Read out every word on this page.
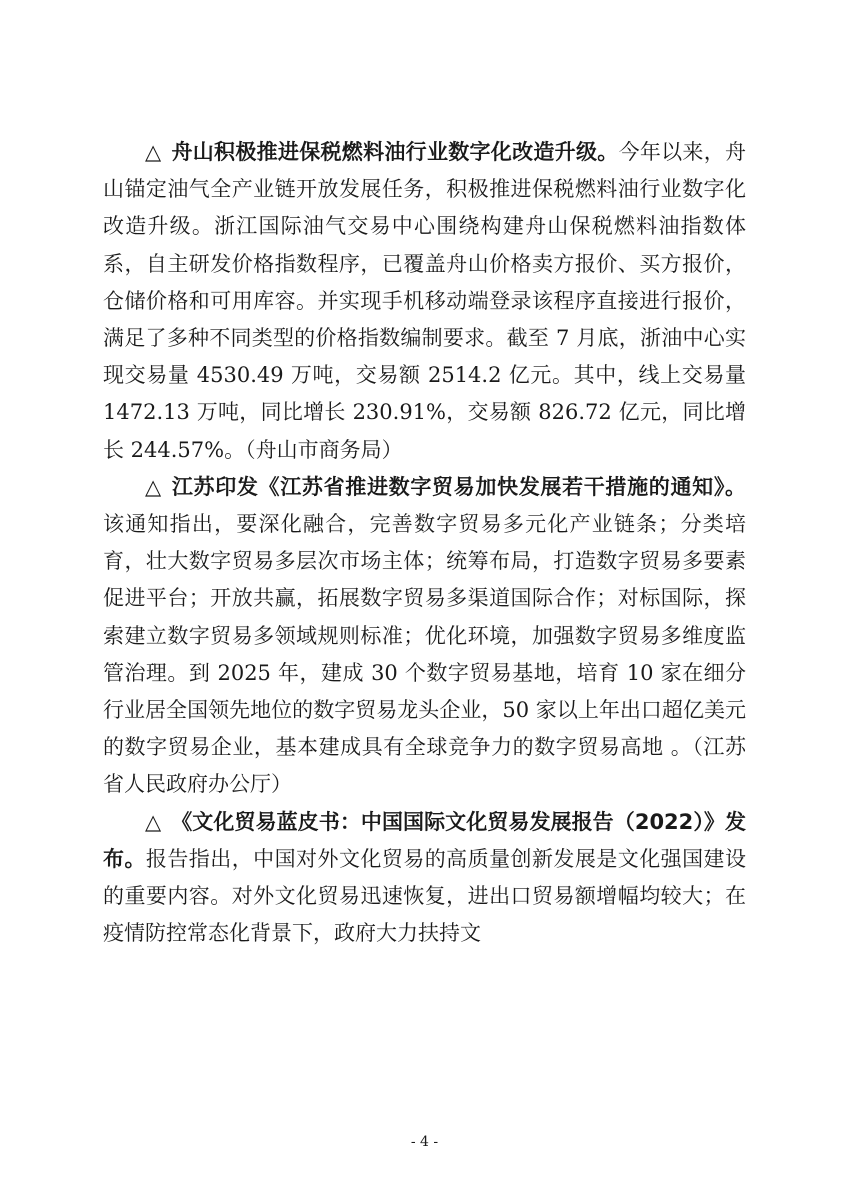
△ 舟山积极推进保税燃料油行业数字化改造升级。今年以来，舟山锚定油气全产业链开放发展任务，积极推进保税燃料油行业数字化改造升级。浙江国际油气交易中心围绕构建舟山保税燃料油指数体系，自主研发价格指数程序，已覆盖舟山价格卖方报价、买方报价，仓储价格和可用库容。并实现手机移动端登录该程序直接进行报价，满足了多种不同类型的价格指数编制要求。截至 7 月底，浙油中心实现交易量 4530.49 万吨，交易额 2514.2 亿元。其中，线上交易量 1472.13 万吨，同比增长 230.91%，交易额 826.72 亿元，同比增长 244.57%。（舟山市商务局）

△ 江苏印发《江苏省推进数字贸易加快发展若干措施的通知》。该通知指出，要深化融合，完善数字贸易多元化产业链条；分类培育，壮大数字贸易多层次市场主体；统筹布局，打造数字贸易多要素促进平台；开放共赢，拓展数字贸易多渠道国际合作；对标国际，探索建立数字贸易多领域规则标准；优化环境，加强数字贸易多维度监管治理。到 2025 年，建成 30 个数字贸易基地，培育 10 家在细分行业居全国领先地位的数字贸易龙头企业，50 家以上年出口超亿美元的数字贸易企业，基本建成具有全球竞争力的数字贸易高地 。（江苏省人民政府办公厅）

△ 《文化贸易蓝皮书：中国国际文化贸易发展报告（2022）》发布。报告指出，中国对外文化贸易的高质量创新发展是文化强国建设的重要内容。对外文化贸易迅速恢复，进出口贸易额增幅均较大；在疫情防控常态化背景下，政府大力扶持文

- 4 -
